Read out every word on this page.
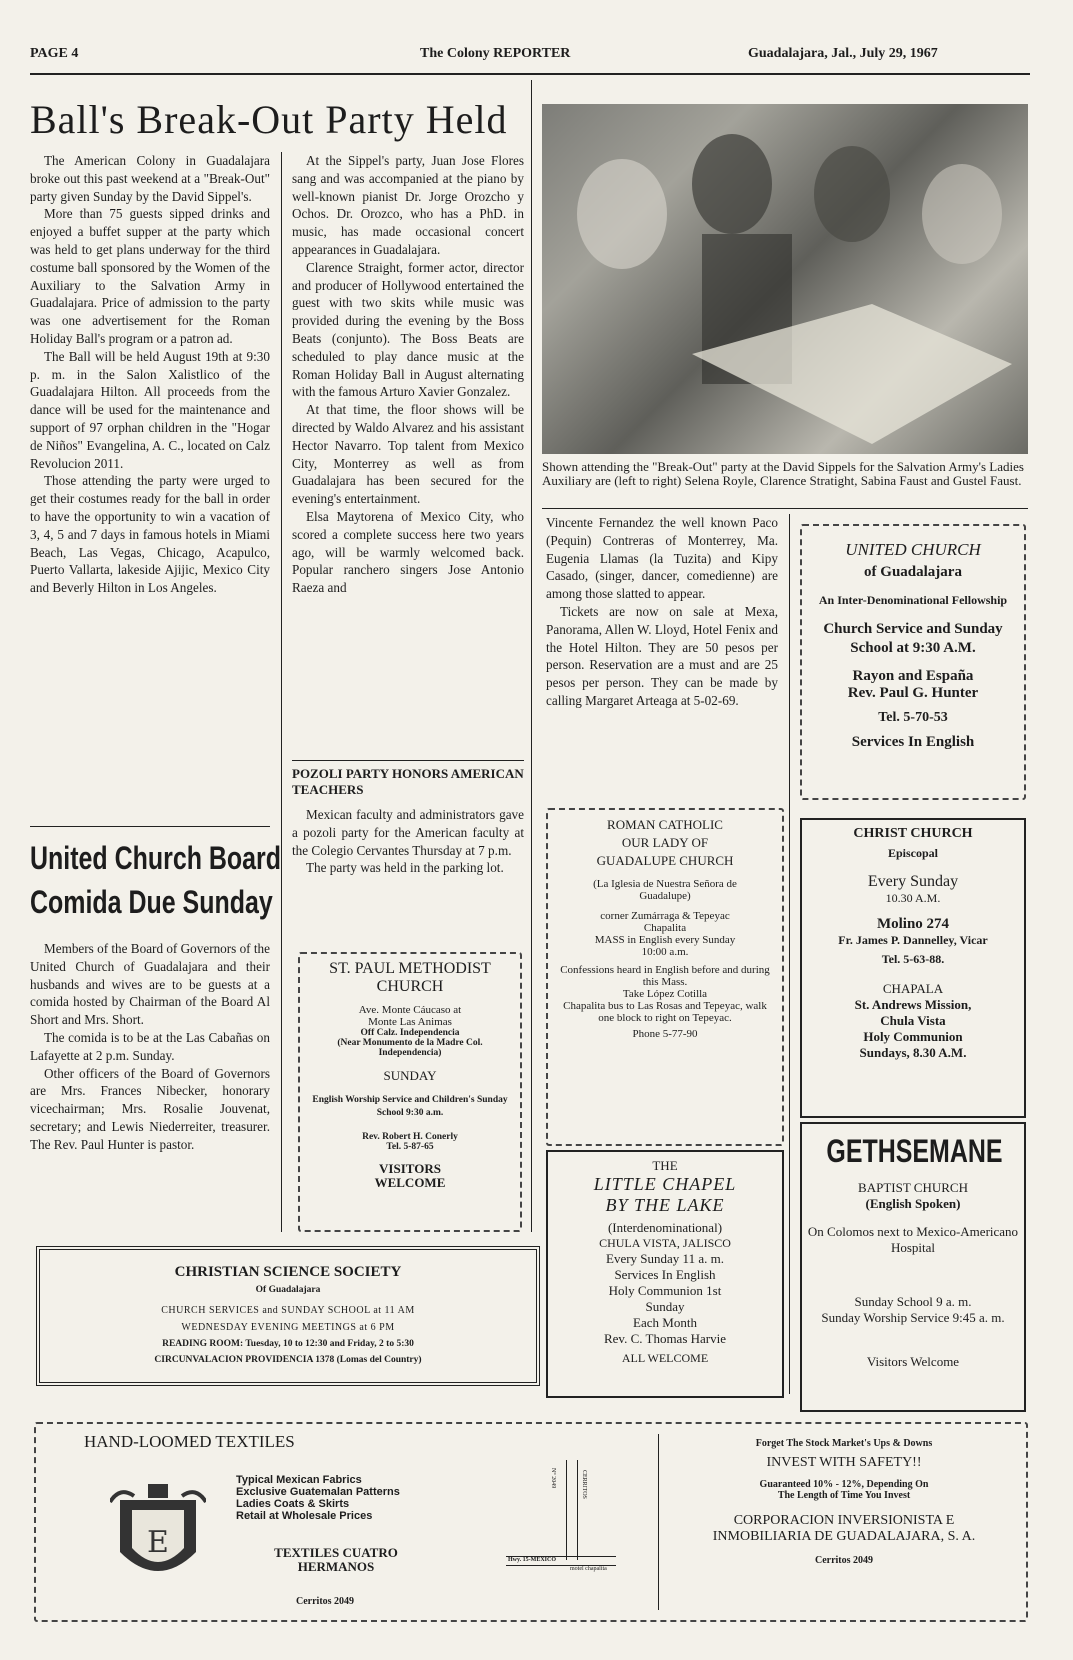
PAGE 4	The Colony REPORTER	Guadalajara, Jal., July 29, 1967
Ball's Break-Out Party Held

The American Colony in Guadalajara broke out this past weekend at a "Break-Out" party given Sunday by the David Sippel's.

More than 75 guests sipped drinks and enjoyed a buffet supper at the party which was held to get plans underway for the third costume ball sponsored by the Women of the Auxiliary to the Salvation Army in Guadalajara. Price of admission to the party was one advertisement for the Roman Holiday Ball's program or a patron ad.

The Ball will be held August 19th at 9:30 p. m. in the Salon Xalistlico of the Guadalajara Hilton. All proceeds from the dance will be used for the maintenance and support of 97 orphan children in the "Hogar de Niños" Evangelina, A. C., located on Calz Revolucion 2011.

Those attending the party were urged to get their costumes ready for the ball in order to have the opportunity to win a vacation of 3, 4, 5 and 7 days in famous hotels in Miami Beach, Las Vegas, Chicago, Acapulco, Puerto Vallarta, lakeside Ajijic, Mexico City and Beverly Hilton in Los Angeles.

At the Sippel's party, Juan Jose Flores sang and was accompanied at the piano by well-known pianist Dr. Jorge Orozcho y Ochos. Dr. Orozco, who has a PhD. in music, has made occasional concert appearances in Guadalajara.

Clarence Straight, former actor, director and producer of Hollywood entertained the guest with two skits while music was provided during the evening by the Boss Beats (conjunto). The Boss Beats are scheduled to play dance music at the Roman Holiday Ball in August alternating with the famous Arturo Xavier Gonzalez.

At that time, the floor shows will be directed by Waldo Alvarez and his assistant Hector Navarro. Top talent from Mexico City, Monterrey as well as from Guadalajara has been secured for the evening's entertainment.

Elsa Maytorena of Mexico City, who scored a complete success here two years ago, will be warmly welcomed back. Popular ranchero singers Jose Antonio Raeza and

Shown attending the "Break-Out" party at the David Sippels for the Salvation Army's Ladies Auxiliary are (left to right) Selena Royle, Clarence Stratight, Sabina Faust and Gustel Faust.

Vincente Fernandez the well known Paco (Pequin) Contreras of Monterrey, Ma. Eugenia Llamas (la Tuzita) and Kipy Casado, (singer, dancer, comedienne) are among those slatted to appear.

Tickets are now on sale at Mexa, Panorama, Allen W. Lloyd, Hotel Fenix and the Hotel Hilton. They are 50 pesos per person. Reservation are a must and are 25 pesos per person. They can be made by calling Margaret Arteaga at 5-02-69.

United Church Board
Comida Due Sunday

Members of the Board of Governors of the United Church of Guadalajara and their husbands and wives are to be guests at a comida hosted by Chairman of the Board Al Short and Mrs. Short.

The comida is to be at the Las Cabañas on Lafayette at 2 p.m. Sunday.

Other officers of the Board of Governors are Mrs. Frances Nibecker, honorary vicechairman; Mrs. Rosalie Jouvenat, secretary; and Lewis Niederreiter, treasurer. The Rev. Paul Hunter is pastor.

POZOLI PARTY HONORS AMERICAN TEACHERS

Mexican faculty and administrators gave a pozoli party for the American faculty at the Colegio Cervantes Thursday at 7 p.m.

The party was held in the parking lot.

ST. PAUL METHODIST CHURCH
Ave. Monte Cáucaso at
Monte Las Animas
Off Calz. Independencia
(Near Monumento de la Madre Col. Independencia)
SUNDAY
English Worship Service and Children's Sunday School 9:30 a.m.
Rev. Robert H. Conerly
Tel. 5-87-65
VISITORS WELCOME
ROMAN CATHOLIC
OUR LADY OF
GUADALUPE CHURCH
(La Iglesia de Nuestra Señora de Guadalupe)
corner Zumárraga & Tepeyac Chapalita
MASS in English every Sunday 10:00 a.m.
Confessions heard in English before and during this Mass.
Take López Cotilla
Chapalita bus to Las Rosas and Tepeyac, walk one block to right on Tepeyac.
Phone 5-77-90
THE
LITTLE CHAPEL
BY THE LAKE
(Interdenominational)
CHULA VISTA, JALISCO
Every Sunday 11 a. m.
Services In English
Holy Communion 1st
Sunday
Each Month
Rev. C. Thomas Harvie
ALL WELCOME
UNITED CHURCH
of Guadalajara
An Inter-Denominational Fellowship
Church Service and Sunday School at 9:30 A.M.
Rayon and España
Rev. Paul G. Hunter
Tel. 5-70-53
Services In English
CHRIST CHURCH
Episcopal
Every Sunday
10.30 A.M.
Molino 274
Fr. James P. Dannelley, Vicar
Tel. 5-63-88.
CHAPALA
St. Andrews Mission,
Chula Vista
Holy Communion
Sundays, 8.30 A.M.
GETHSEMANE
BAPTIST CHURCH
(English Spoken)
On Colomos next to Mexico-Americano Hospital
Sunday School 9 a. m.
Sunday Worship Service 9:45 a. m.
Visitors Welcome
CHRISTIAN SCIENCE SOCIETY
Of Guadalajara
CHURCH SERVICES and SUNDAY SCHOOL at 11 AM
WEDNESDAY EVENING MEETINGS at 6 PM
READING ROOM: Tuesday, 10 to 12:30 and Friday, 2 to 5:30
CIRCUNVALACION PROVIDENCIA 1378 (Lomas del Country)
HAND-LOOMED TEXTILES
E
Typical Mexican Fabrics
Exclusive Guatemalan Patterns
Ladies Coats & Skirts
Retail at Wholesale Prices
TEXTILES CUATRO
HERMANOS
Cerritos 2049
CERRITOS
N° 2049
Hwy. 15-MEXICO
motel chapalita
Forget The Stock Market's Ups & Downs
INVEST WITH SAFETY!!
Guaranteed 10% - 12%, Depending On
The Length of Time You Invest
CORPORACION INVERSIONISTA E
INMOBILIARIA DE GUADALAJARA, S. A.
Cerritos 2049
